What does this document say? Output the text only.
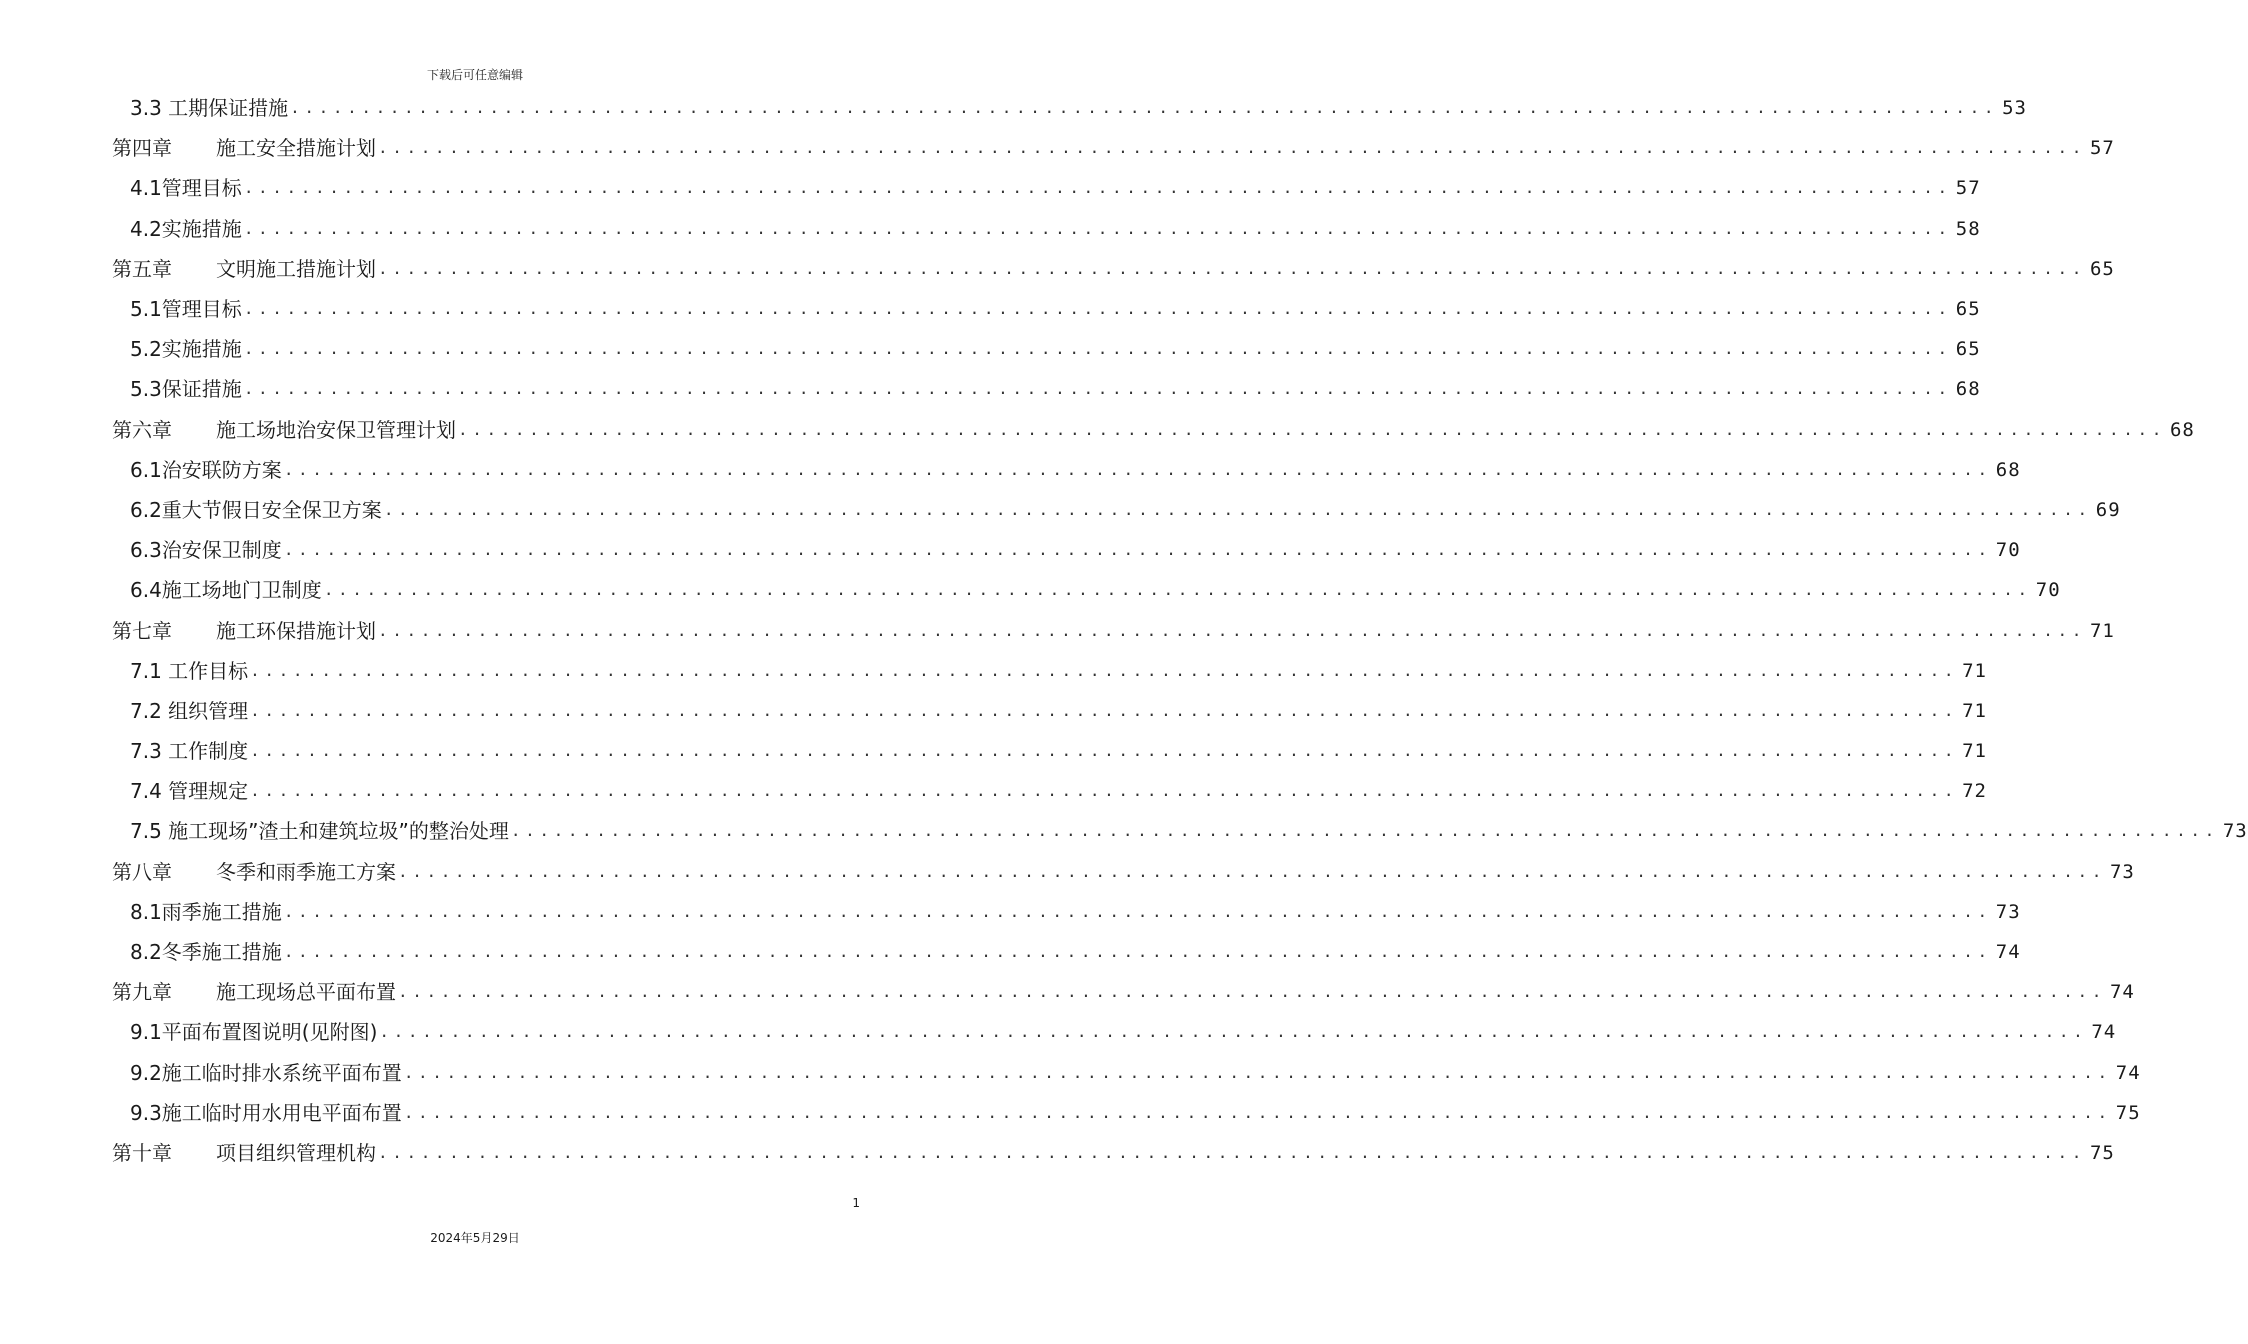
下载后可任意编辑
3.3 工期保证措施 ........................................................................................................................ 53
第四章	施工安全措施计划 ........................................................................................................................ 57
4.1管理目标 ........................................................................................................................ 57
4.2实施措施 ........................................................................................................................ 58
第五章	文明施工措施计划 ........................................................................................................................ 65
5.1管理目标 ........................................................................................................................ 65
5.2实施措施 ........................................................................................................................ 65
5.3保证措施 ........................................................................................................................ 68
第六章	施工场地治安保卫管理计划 ........................................................................................................................ 68
6.1治安联防方案 ........................................................................................................................ 68
6.2重大节假日安全保卫方案 ........................................................................................................................ 69
6.3治安保卫制度 ........................................................................................................................ 70
6.4施工场地门卫制度 ........................................................................................................................ 70
第七章	施工环保措施计划 ........................................................................................................................ 71
7.1 工作目标 ........................................................................................................................ 71
7.2 组织管理 ........................................................................................................................ 71
7.3 工作制度 ........................................................................................................................ 71
7.4 管理规定 ........................................................................................................................ 72
7.5 施工现场”渣土和建筑垃圾”的整治处理 ........................................................................................................................ 73
第八章	冬季和雨季施工方案 ........................................................................................................................ 73
8.1雨季施工措施 ........................................................................................................................ 73
8.2冬季施工措施 ........................................................................................................................ 74
第九章	施工现场总平面布置 ........................................................................................................................ 74
9.1平面布置图说明(见附图) ........................................................................................................................ 74
9.2施工临时排水系统平面布置 ........................................................................................................................ 74
9.3施工临时用水用电平面布置 ........................................................................................................................ 75
第十章	项目组织管理机构 ........................................................................................................................ 75
1
2024年5月29日
